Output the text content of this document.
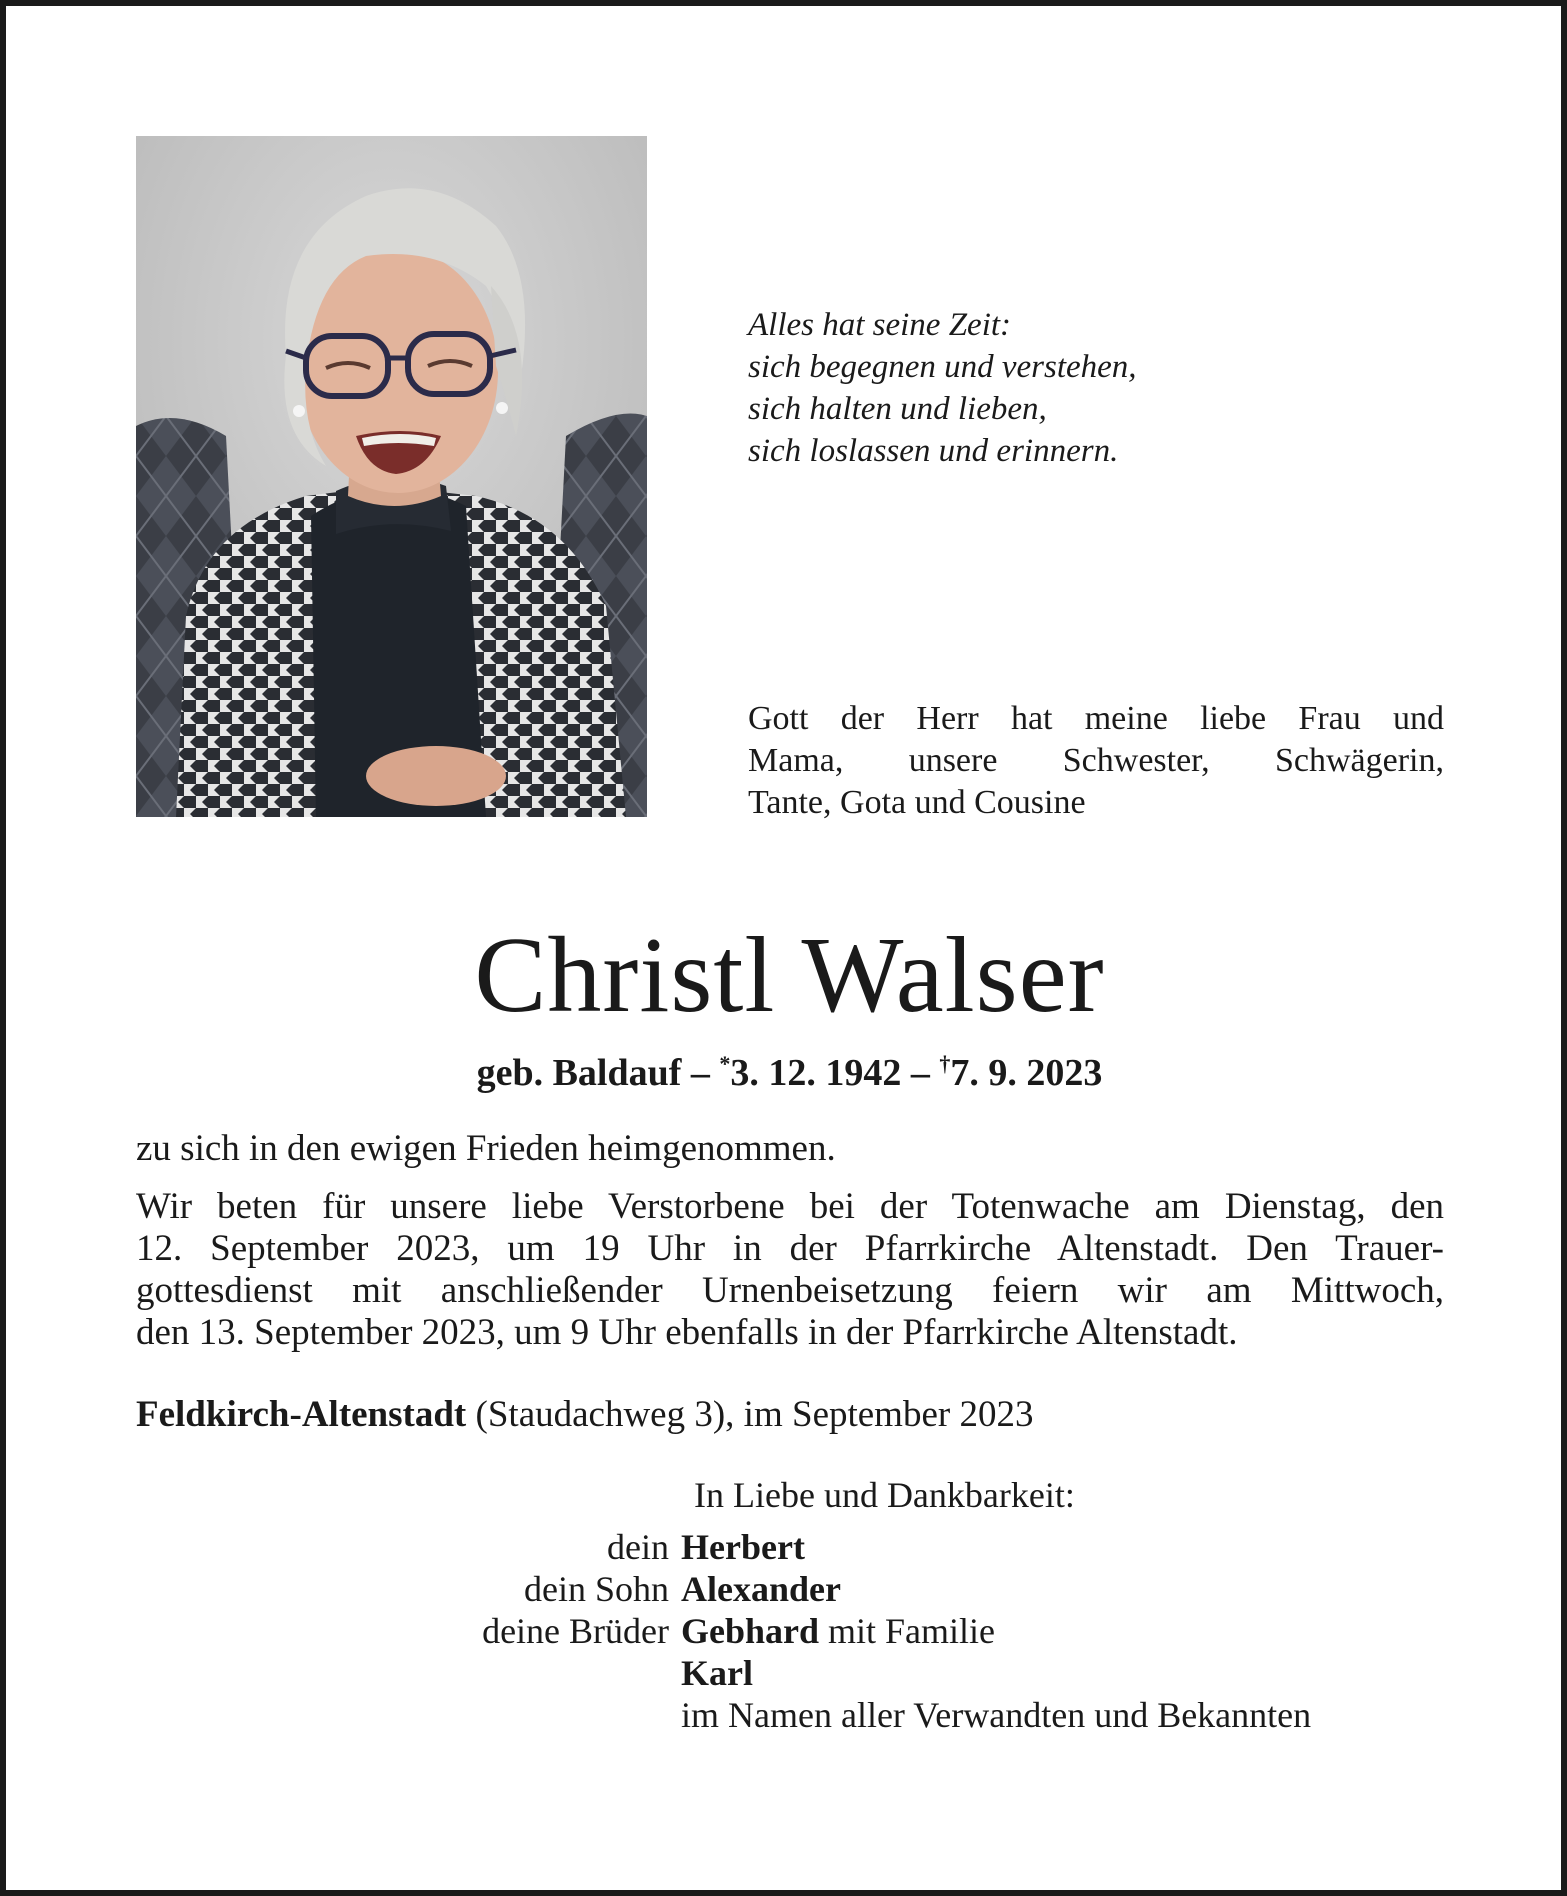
Alles hat seine Zeit:
sich begegnen und verstehen,
sich halten und lieben,
sich loslassen und erinnern.
Gott der Herr hat meine liebe Frau und
Mama, unsere Schwester, Schwägerin,
Tante, Gota und Cousine
Christl Walser
geb. Baldauf – *3. 12. 1942 – †7. 9. 2023
zu sich in den ewigen Frieden heimgenommen.
Wir beten für unsere liebe Verstorbene bei der Totenwache am Dienstag, den
12. September 2023, um 19 Uhr in der Pfarrkirche Altenstadt. Den Trauer-
gottesdienst mit anschließender Urnenbeisetzung feiern wir am Mittwoch,
den 13. September 2023, um 9 Uhr ebenfalls in der Pfarrkirche Altenstadt.
Feldkirch-Altenstadt (Staudachweg 3), im September 2023
In Liebe und Dankbarkeit:
dein Herbert
dein Sohn Alexander
deine Brüder Gebhard mit Familie
Karl
im Namen aller Verwandten und Bekannten
